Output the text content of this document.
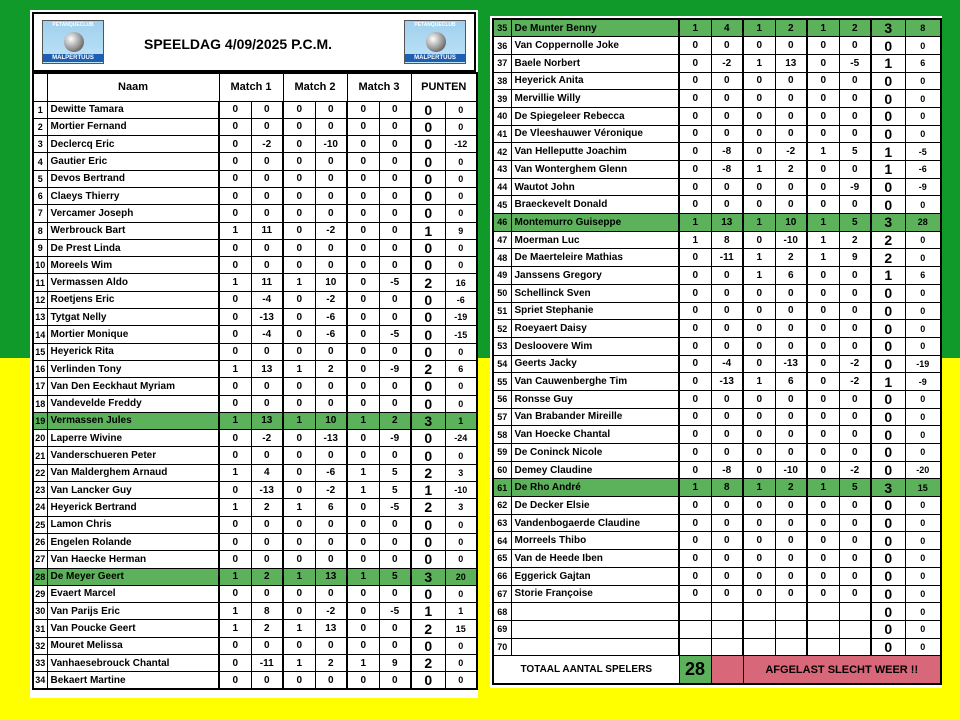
PETANQUECLUB
MALPERTUUS
SPEELDAG 4/09/2025 P.C.M.
PETANQUECLUB
MALPERTUUS
	Naam	Match 1		Match 2		Match 3		PUNTEN	
1	Dewitte Tamara	0	0	0	0	0	0	0	0
2	Mortier Fernand	0	0	0	0	0	0	0	0
3	Declercq Eric	0	-2	0	-10	0	0	0	-12
4	Gautier Eric	0	0	0	0	0	0	0	0
5	Devos Bertrand	0	0	0	0	0	0	0	0
6	Claeys Thierry	0	0	0	0	0	0	0	0
7	Vercamer Joseph	0	0	0	0	0	0	0	0
8	Werbrouck Bart	1	11	0	-2	0	0	1	9
9	De Prest Linda	0	0	0	0	0	0	0	0
10	Moreels Wim	0	0	0	0	0	0	0	0
11	Vermassen Aldo	1	11	1	10	0	-5	2	16
12	Roetjens Eric	0	-4	0	-2	0	0	0	-6
13	Tytgat Nelly	0	-13	0	-6	0	0	0	-19
14	Mortier Monique	0	-4	0	-6	0	-5	0	-15
15	Heyerick Rita	0	0	0	0	0	0	0	0
16	Verlinden Tony	1	13	1	2	0	-9	2	6
17	Van Den Eeckhaut Myriam	0	0	0	0	0	0	0	0
18	Vandevelde Freddy	0	0	0	0	0	0	0	0
19	Vermassen Jules	1	13	1	10	1	2	3	1
20	Laperre Wivine	0	-2	0	-13	0	-9	0	-24
21	Vanderschueren Peter	0	0	0	0	0	0	0	0
22	Van Malderghem Arnaud	1	4	0	-6	1	5	2	3
23	Van Lancker Guy	0	-13	0	-2	1	5	1	-10
24	Heyerick Bertrand	1	2	1	6	0	-5	2	3
25	Lamon Chris	0	0	0	0	0	0	0	0
26	Engelen Rolande	0	0	0	0	0	0	0	0
27	Van Haecke Herman	0	0	0	0	0	0	0	0
28	De Meyer Geert	1	2	1	13	1	5	3	20
29	Evaert Marcel	0	0	0	0	0	0	0	0
30	Van Parijs Eric	1	8	0	-2	0	-5	1	1
31	Van Poucke Geert	1	2	1	13	0	0	2	15
32	Mouret Melissa	0	0	0	0	0	0	0	0
33	Vanhaesebrouck Chantal	0	-11	1	2	1	9	2	0
34	Bekaert Martine	0	0	0	0	0	0	0	0
35	De Munter Benny	1	4	1	2	1	2	3	8
36	Van Coppernolle Joke	0	0	0	0	0	0	0	0
37	Baele Norbert	0	-2	1	13	0	-5	1	6
38	Heyerick Anita	0	0	0	0	0	0	0	0
39	Mervillie Willy	0	0	0	0	0	0	0	0
40	De Spiegeleer Rebecca	0	0	0	0	0	0	0	0
41	De Vleeshauwer Véronique	0	0	0	0	0	0	0	0
42	Van Helleputte Joachim	0	-8	0	-2	1	5	1	-5
43	Van Wonterghem Glenn	0	-8	1	2	0	0	1	-6
44	Wautot John	0	0	0	0	0	-9	0	-9
45	Braeckevelt Donald	0	0	0	0	0	0	0	0
46	Montemurro Guiseppe	1	13	1	10	1	5	3	28
47	Moerman Luc	1	8	0	-10	1	2	2	0
48	De Maerteleire Mathias	0	-11	1	2	1	9	2	0
49	Janssens Gregory	0	0	1	6	0	0	1	6
50	Schellinck Sven	0	0	0	0	0	0	0	0
51	Spriet Stephanie	0	0	0	0	0	0	0	0
52	Roeyaert Daisy	0	0	0	0	0	0	0	0
53	Desloovere Wim	0	0	0	0	0	0	0	0
54	Geerts Jacky	0	-4	0	-13	0	-2	0	-19
55	Van Cauwenberghe Tim	0	-13	1	6	0	-2	1	-9
56	Ronsse Guy	0	0	0	0	0	0	0	0
57	Van Brabander Mireille	0	0	0	0	0	0	0	0
58	Van Hoecke Chantal	0	0	0	0	0	0	0	0
59	De Coninck Nicole	0	0	0	0	0	0	0	0
60	Demey Claudine	0	-8	0	-10	0	-2	0	-20
61	De Rho André	1	8	1	2	1	5	3	15
62	De Decker Elsie	0	0	0	0	0	0	0	0
63	Vandenbogaerde Claudine	0	0	0	0	0	0	0	0
64	Morreels Thibo	0	0	0	0	0	0	0	0
65	Van de Heede Iben	0	0	0	0	0	0	0	0
66	Eggerick Gajtan	0	0	0	0	0	0	0	0
67	Storie Françoise	0	0	0	0	0	0	0	0
68								0	0
69								0	0
70								0	0
TOTAAL AANTAL SPELERS		28		AFGELAST SLECHT WEER !!					
